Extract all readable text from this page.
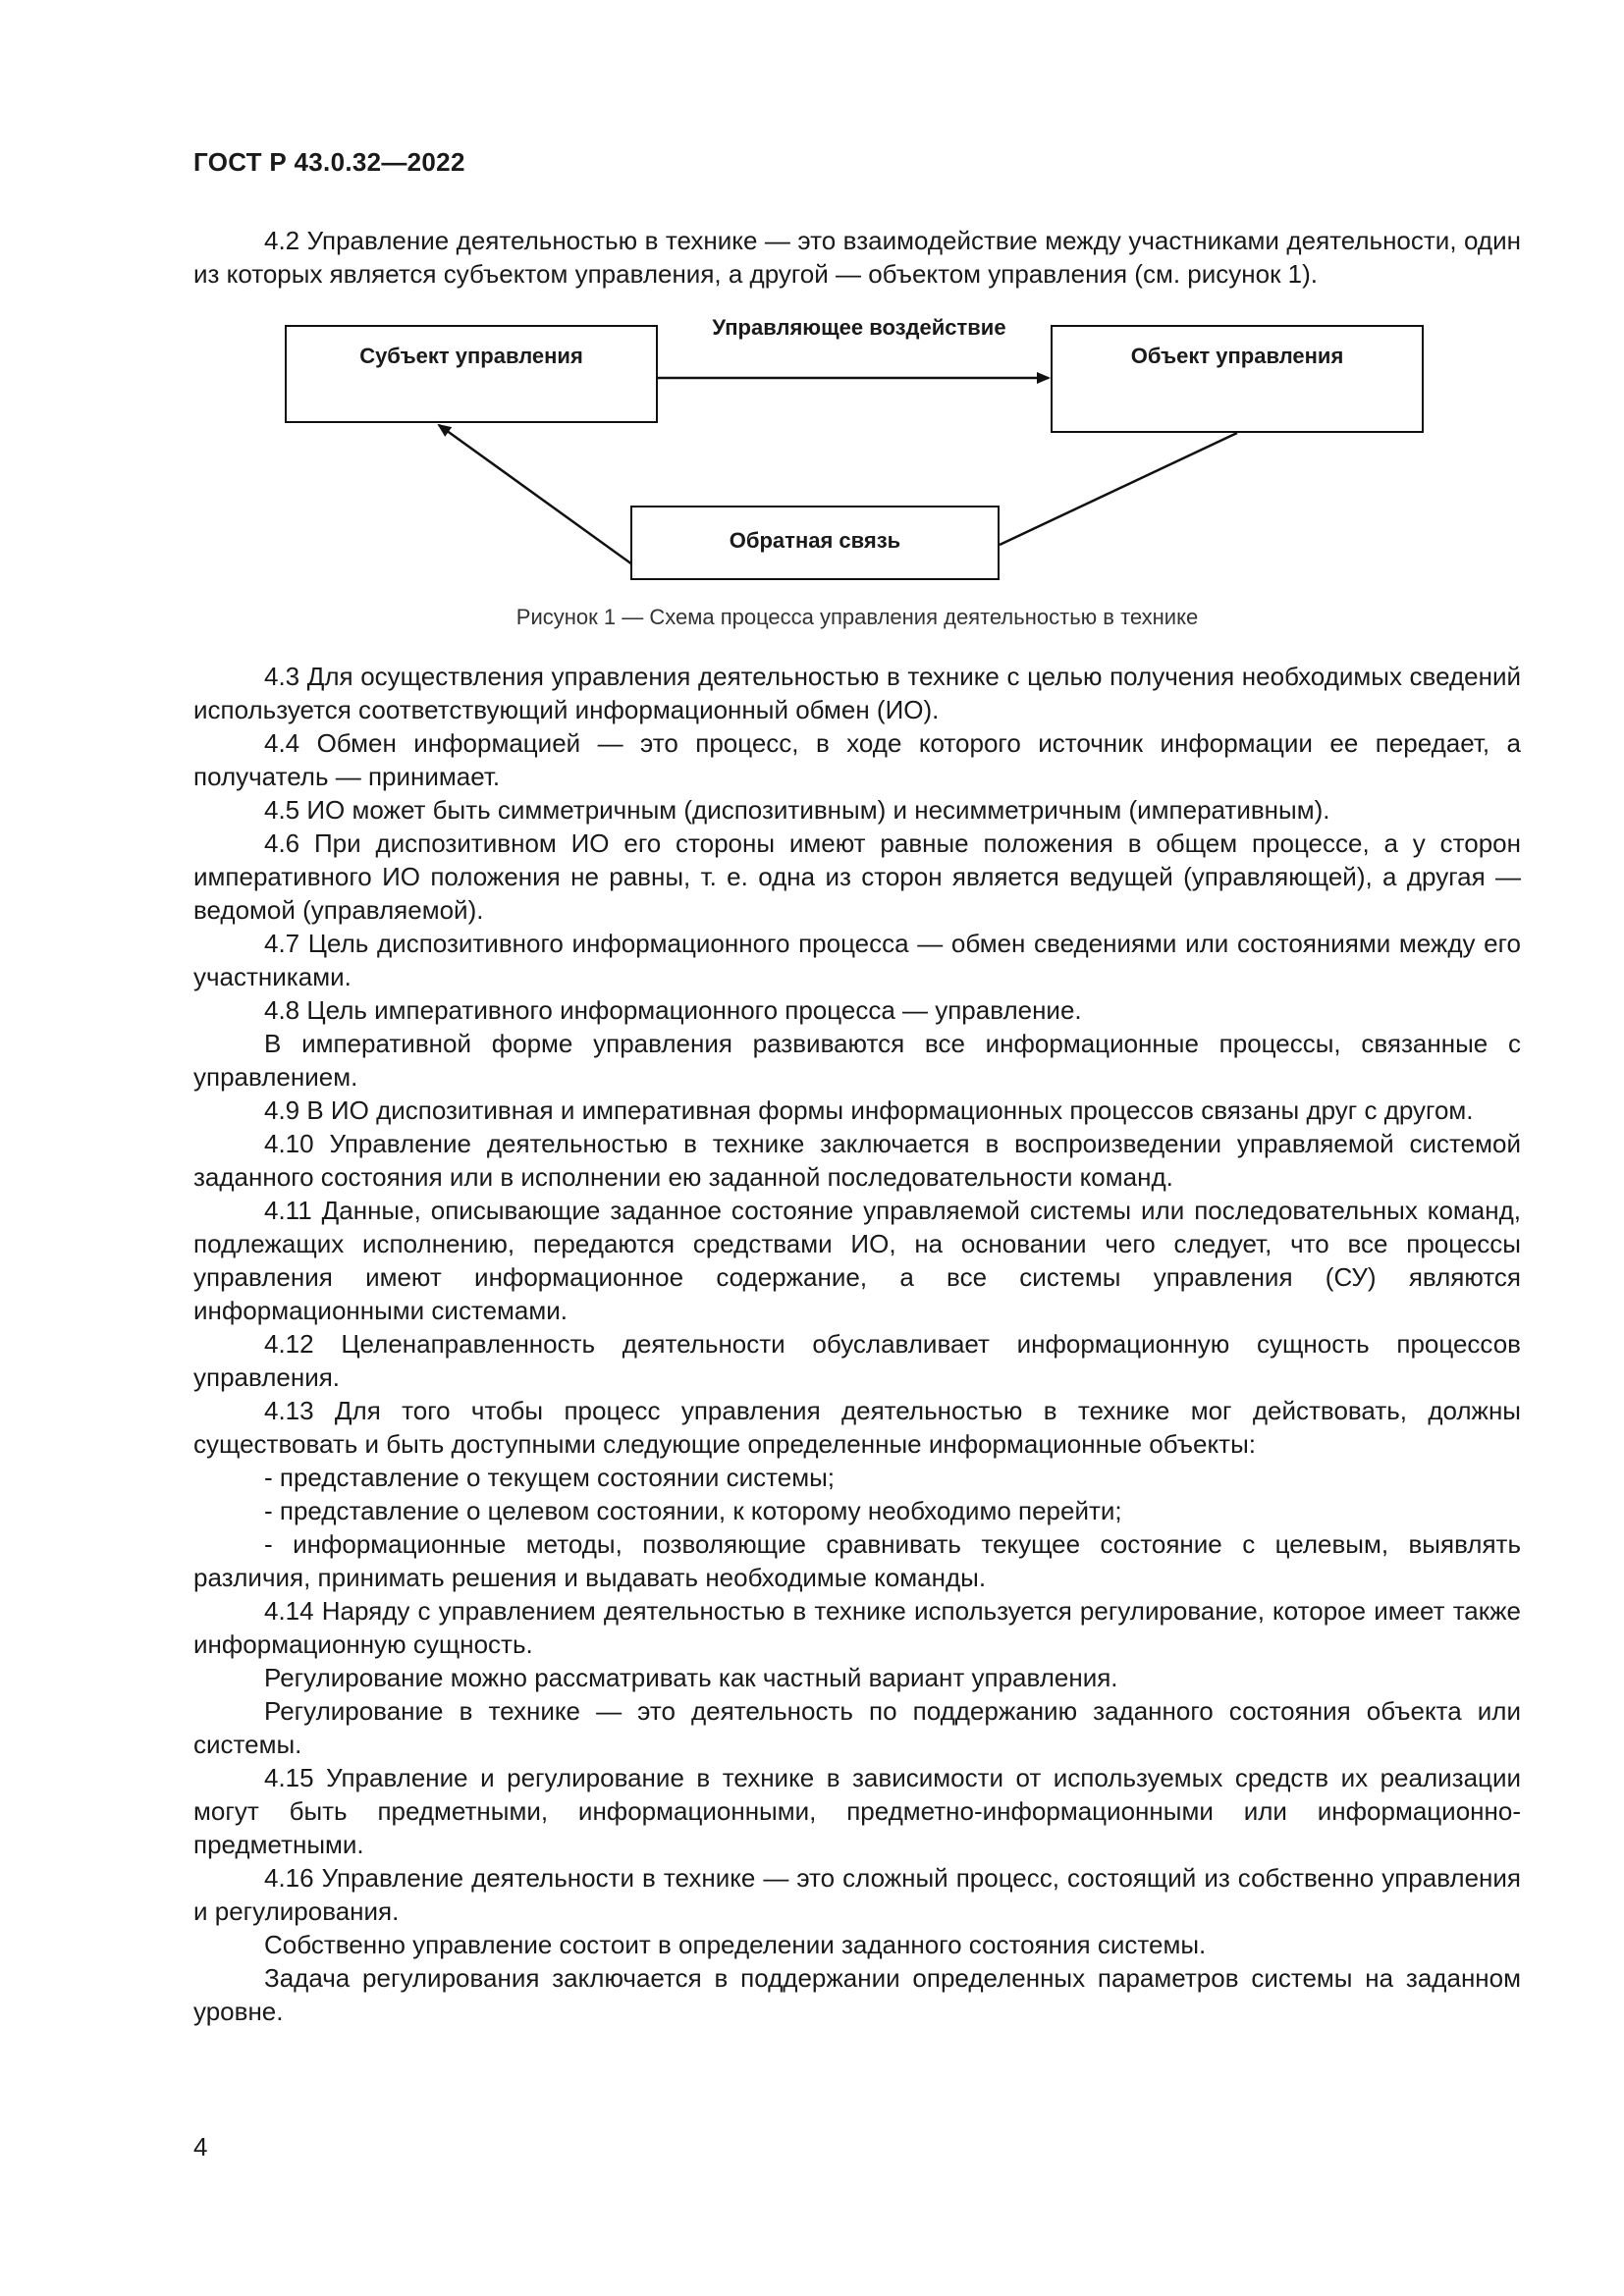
ГОСТ Р 43.0.32—2022

4.2 Управление деятельностью в технике — это взаимодействие между участниками деятельности, один из которых является субъектом управления, а другой — объектом управления (см. рисунок 1).

Субъект управления	Объект управления
Обратная связь
Управляющее воздействие
Рисунок 1 — Схема процесса управления деятельностью в технике

4.3 Для осуществления управления деятельностью в технике с целью получения необходимых сведений используется соответствующий информационный обмен (ИО).

4.4 Обмен информацией — это процесс, в ходе которого источник информации ее передает, а получатель — принимает.

4.5 ИО может быть симметричным (диспозитивным) и несимметричным (императивным).

4.6 При диспозитивном ИО его стороны имеют равные положения в общем процессе, а у сторон императивного ИО положения не равны, т. е. одна из сторон является ведущей (управляющей), а другая — ведомой (управляемой).

4.7 Цель диспозитивного информационного процесса — обмен сведениями или состояниями между его участниками.

4.8 Цель императивного информационного процесса — управление.

В императивной форме управления развиваются все информационные процессы, связанные с управлением.

4.9 В ИО диспозитивная и императивная формы информационных процессов связаны друг с другом.

4.10 Управление деятельностью в технике заключается в воспроизведении управляемой системой заданного состояния или в исполнении ею заданной последовательности команд.

4.11 Данные, описывающие заданное состояние управляемой системы или последовательных команд, подлежащих исполнению, передаются средствами ИО, на основании чего следует, что все процессы управления имеют информационное содержание, а все системы управления (СУ) являются информационными системами.

4.12 Целенаправленность деятельности обуславливает информационную сущность процессов управления.

4.13 Для того чтобы процесс управления деятельностью в технике мог действовать, должны существовать и быть доступными следующие определенные информационные объекты:

- представление о текущем состоянии системы;

- представление о целевом состоянии, к которому необходимо перейти;

- информационные методы, позволяющие сравнивать текущее состояние с целевым, выявлять различия, принимать решения и выдавать необходимые команды.

4.14 Наряду с управлением деятельностью в технике используется регулирование, которое имеет также информационную сущность.

Регулирование можно рассматривать как частный вариант управления.

Регулирование в технике — это деятельность по поддержанию заданного состояния объекта или системы.

4.15 Управление и регулирование в технике в зависимости от используемых средств их реализации могут быть предметными, информационными, предметно-информационными или информационно-предметными.

4.16 Управление деятельности в технике — это сложный процесс, состоящий из собственно управления и регулирования.

Собственно управление состоит в определении заданного состояния системы.

Задача регулирования заключается в поддержании определенных параметров системы на заданном уровне.

4
